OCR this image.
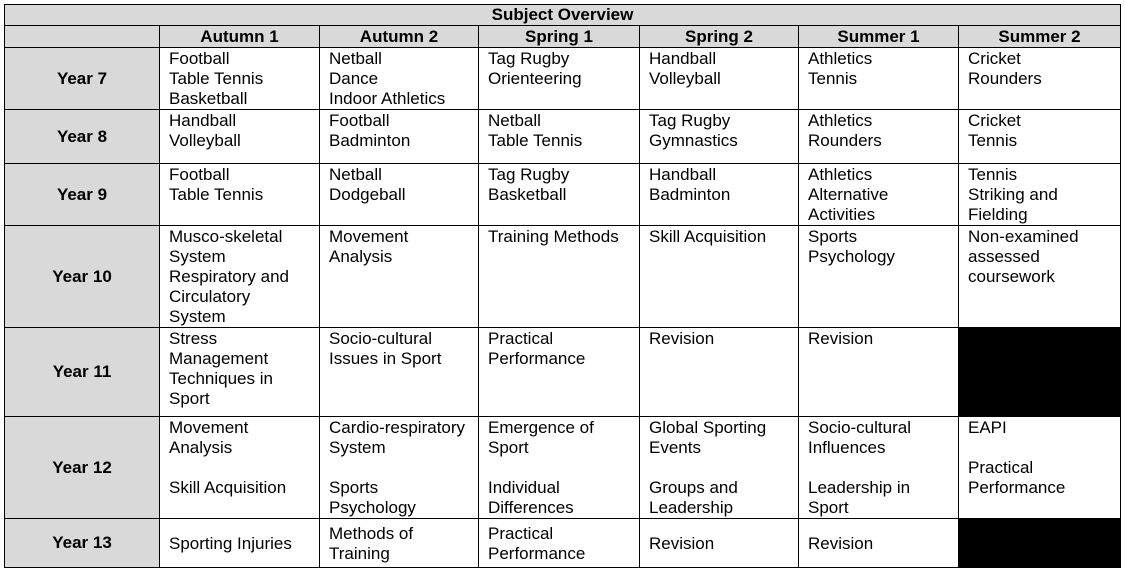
Subject Overview						
	Autumn 1	Autumn 2	Spring 1	Spring 2	Summer 1	Summer 2
Year 7	Football
Table Tennis
Basketball	Netball
Dance
Indoor Athletics	Tag Rugby
Orienteering	Handball
Volleyball	Athletics
Tennis	Cricket
Rounders

Year 8	Handball
Volleyball	Football
Badminton	Netball
Table Tennis	Tag Rugby
Gymnastics	Athletics
Rounders	Cricket
Tennis

Year 9	Football
Table Tennis	Netball
Dodgeball	Tag Rugby
Basketball	Handball
Badminton	Athletics
Alternative
Activities	Tennis
Striking and
Fielding

Year 10	Musco-skeletal
System
Respiratory and
Circulatory
System	Movement
Analysis	Training Methods	Skill Acquisition	Sports
Psychology	Non-examined
assessed
coursework

Year 11	Stress
Management
Techniques in
Sport	Socio-cultural
Issues in Sport	Practical
Performance	Revision	Revision	

Year 12	Movement
Analysis
Skill Acquisition	Cardio-respiratory
System
Sports
Psychology	Emergence of
Sport
Individual
Differences	Global Sporting
Events
Groups and
Leadership	Socio-cultural
Influences
Leadership in
Sport	EAPI
Practical
Performance

Year 13	Sporting Injuries	Methods of
Training	Practical
Performance	Revision	Revision	
